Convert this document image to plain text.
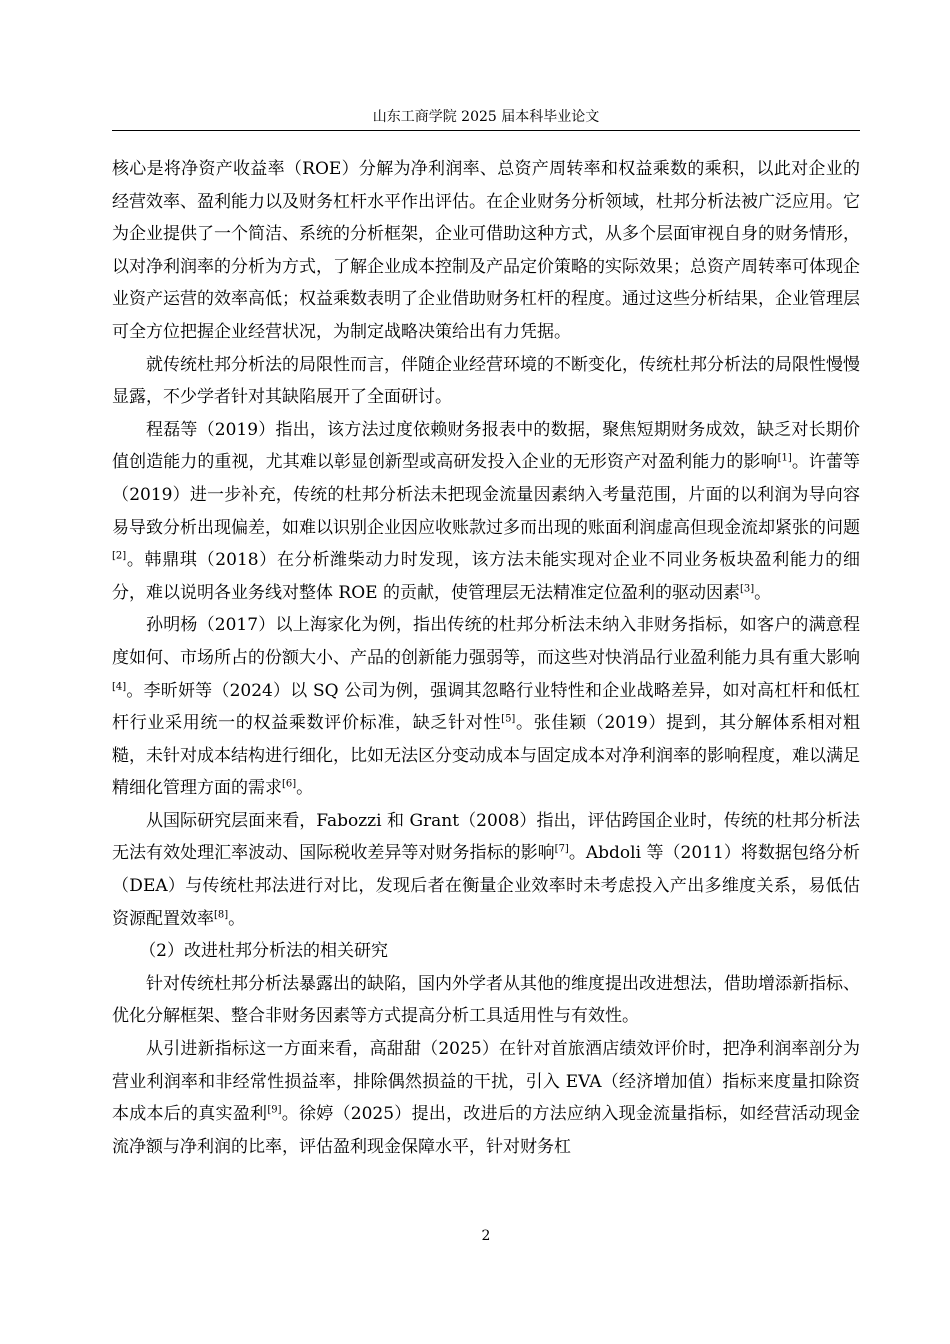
山东工商学院 2025 届本科毕业论文

核心是将净资产收益率（ROE）分解为净利润率、总资产周转率和权益乘数的乘积，以此对企业的经营效率、盈利能力以及财务杠杆水平作出评估。在企业财务分析领域，杜邦分析法被广泛应用。它为企业提供了一个简洁、系统的分析框架，企业可借助这种方式，从多个层面审视自身的财务情形，以对净利润率的分析为方式，了解企业成本控制及产品定价策略的实际效果；总资产周转率可体现企业资产运营的效率高低；权益乘数表明了企业借助财务杠杆的程度。通过这些分析结果，企业管理层可全方位把握企业经营状况，为制定战略决策给出有力凭据。

就传统杜邦分析法的局限性而言，伴随企业经营环境的不断变化，传统杜邦分析法的局限性慢慢显露，不少学者针对其缺陷展开了全面研讨。

程磊等（2019）指出，该方法过度依赖财务报表中的数据，聚焦短期财务成效，缺乏对长期价值创造能力的重视，尤其难以彰显创新型或高研发投入企业的无形资产对盈利能力的影响[1]。许蕾等（2019）进一步补充，传统的杜邦分析法未把现金流量因素纳入考量范围，片面的以利润为导向容易导致分析出现偏差，如难以识别企业因应收账款过多而出现的账面利润虚高但现金流却紧张的问题[2]。韩鼎琪（2018）在分析潍柴动力时发现，该方法未能实现对企业不同业务板块盈利能力的细分，难以说明各业务线对整体 ROE 的贡献，使管理层无法精准定位盈利的驱动因素[3]。

孙明杨（2017）以上海家化为例，指出传统的杜邦分析法未纳入非财务指标，如客户的满意程度如何、市场所占的份额大小、产品的创新能力强弱等，而这些对快消品行业盈利能力具有重大影响[4]。李昕妍等（2024）以 SQ 公司为例，强调其忽略行业特性和企业战略差异，如对高杠杆和低杠杆行业采用统一的权益乘数评价标准，缺乏针对性[5]。张佳颖（2019）提到，其分解体系相对粗糙，未针对成本结构进行细化，比如无法区分变动成本与固定成本对净利润率的影响程度，难以满足精细化管理方面的需求[6]。

从国际研究层面来看，Fabozzi 和 Grant（2008）指出，评估跨国企业时，传统的杜邦分析法无法有效处理汇率波动、国际税收差异等对财务指标的影响[7]。Abdoli 等（2011）将数据包络分析（DEA）与传统杜邦法进行对比，发现后者在衡量企业效率时未考虑投入产出多维度关系，易低估资源配置效率[8]。

（2）改进杜邦分析法的相关研究

针对传统杜邦分析法暴露出的缺陷，国内外学者从其他的维度提出改进想法，借助增添新指标、优化分解框架、整合非财务因素等方式提高分析工具适用性与有效性。

从引进新指标这一方面来看，高甜甜（2025）在针对首旅酒店绩效评价时，把净利润率剖分为营业利润率和非经常性损益率，排除偶然损益的干扰，引入 EVA（经济增加值）指标来度量扣除资本成本后的真实盈利[9]。徐婷（2025）提出，改进后的方法应纳入现金流量指标，如经营活动现金流净额与净利润的比率，评估盈利现金保障水平，针对财务杠

2
